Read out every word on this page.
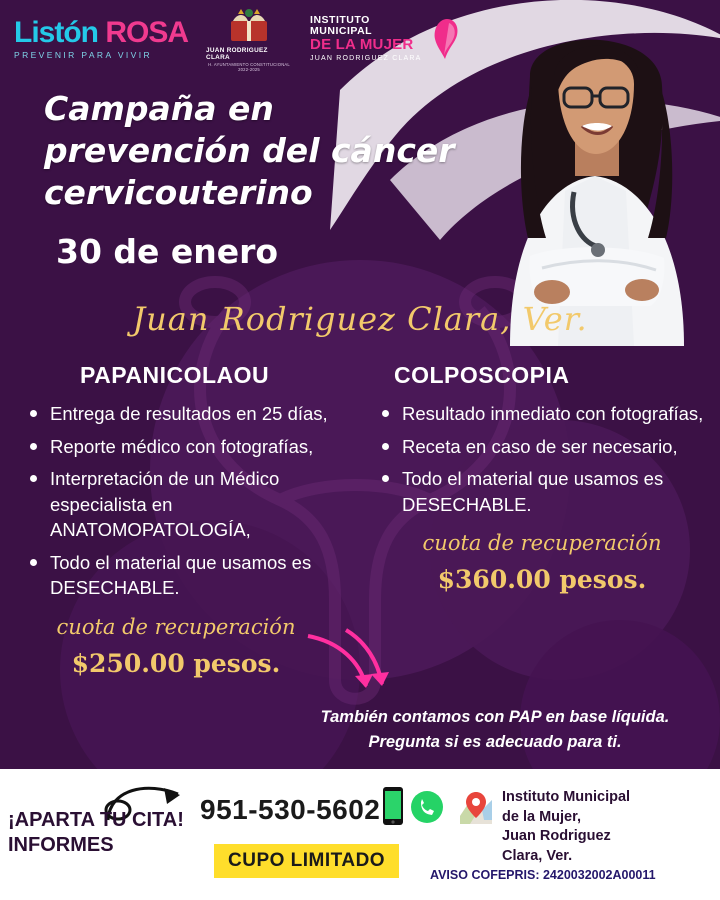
Listón ROSA
PREVENIR PARA VIVIR
JUAN RODRIGUEZ CLARA
H. AYUNTAMIENTO CONSTITUCIONAL 2022-2025
INSTITUTO
MUNICIPAL
DE LA MUJER
JUAN RODRIGUEZ CLARA
Campaña en
prevención del cáncer
cervicouterino
30 de enero
Juan Rodriguez Clara, Ver.
PAPANICOLAOU
Entrega de resultados en 25 días,
Reporte médico con fotografías,
Interpretación de un Médico especialista en ANATOMOPATOLOGÍA,
Todo el material que usamos es DESECHABLE.
cuota de recuperación
$250.00 pesos.
COLPOSCOPIA
Resultado inmediato con fotografías,
Receta en caso de ser necesario,
Todo el material que usamos es DESECHABLE.
cuota de recuperación
$360.00 pesos.
También contamos con PAP en base líquida.
Pregunta si es adecuado para ti.
¡APARTA TU CITA!
INFORMES
951-530-5602
CUPO LIMITADO
Instituto Municipal
de la Mujer,
Juan Rodriguez
Clara, Ver.
AVISO COFEPRIS: 2420032002A00011
